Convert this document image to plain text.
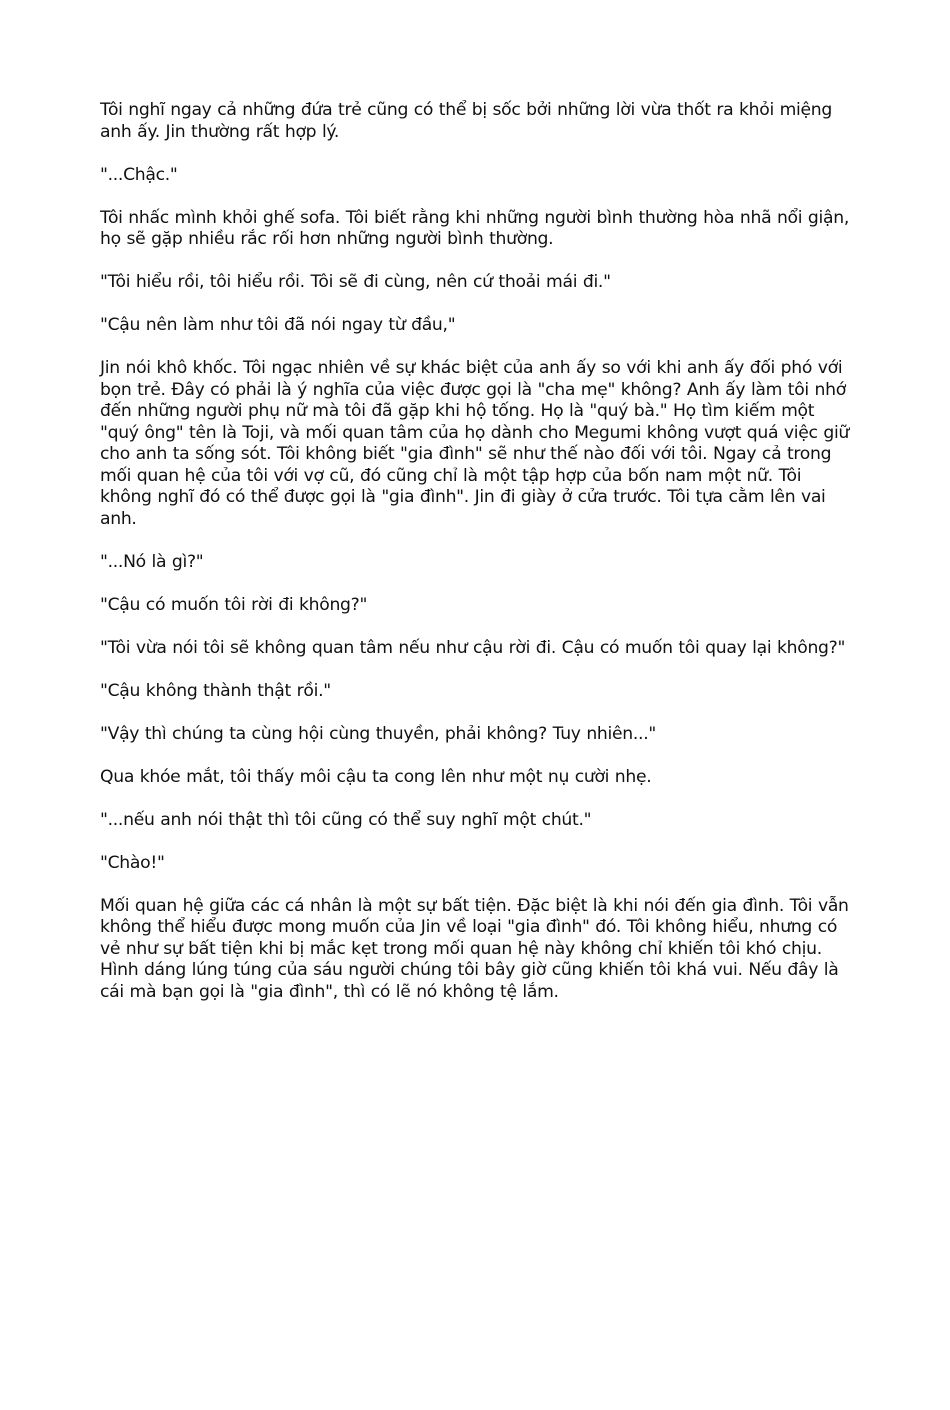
Tôi nghĩ ngay cả những đứa trẻ cũng có thể bị sốc bởi những lời vừa thốt ra khỏi miệng anh ấy. Jin thường rất hợp lý.

"...Chậc."

Tôi nhấc mình khỏi ghế sofa. Tôi biết rằng khi những người bình thường hòa nhã nổi giận, họ sẽ gặp nhiều rắc rối hơn những người bình thường.

"Tôi hiểu rồi, tôi hiểu rồi. Tôi sẽ đi cùng, nên cứ thoải mái đi."

"Cậu nên làm như tôi đã nói ngay từ đầu,"

Jin nói khô khốc. Tôi ngạc nhiên về sự khác biệt của anh ấy so với khi anh ấy đối phó với bọn trẻ. Đây có phải là ý nghĩa của việc được gọi là "cha mẹ" không? Anh ấy làm tôi nhớ đến những người phụ nữ mà tôi đã gặp khi hộ tống. Họ là "quý bà." Họ tìm kiếm một "quý ông" tên là Toji, và mối quan tâm của họ dành cho Megumi không vượt quá việc giữ cho anh ta sống sót. Tôi không biết "gia đình" sẽ như thế nào đối với tôi. Ngay cả trong mối quan hệ của tôi với vợ cũ, đó cũng chỉ là một tập hợp của bốn nam một nữ. Tôi không nghĩ đó có thể được gọi là "gia đình". Jin đi giày ở cửa trước. Tôi tựa cằm lên vai anh.

"...Nó là gì?"

"Cậu có muốn tôi rời đi không?"

"Tôi vừa nói tôi sẽ không quan tâm nếu như cậu rời đi. Cậu có muốn tôi quay lại không?"

"Cậu không thành thật rồi."

"Vậy thì chúng ta cùng hội cùng thuyền, phải không? Tuy nhiên..."

Qua khóe mắt, tôi thấy môi cậu ta cong lên như một nụ cười nhẹ.

"...nếu anh nói thật thì tôi cũng có thể suy nghĩ một chút."

"Chào!"

Mối quan hệ giữa các cá nhân là một sự bất tiện. Đặc biệt là khi nói đến gia đình. Tôi vẫn không thể hiểu được mong muốn của Jin về loại "gia đình" đó. Tôi không hiểu, nhưng có vẻ như sự bất tiện khi bị mắc kẹt trong mối quan hệ này không chỉ khiến tôi khó chịu. Hình dáng lúng túng của sáu người chúng tôi bây giờ cũng khiến tôi khá vui. Nếu đây là cái mà bạn gọi là "gia đình", thì có lẽ nó không tệ lắm.
